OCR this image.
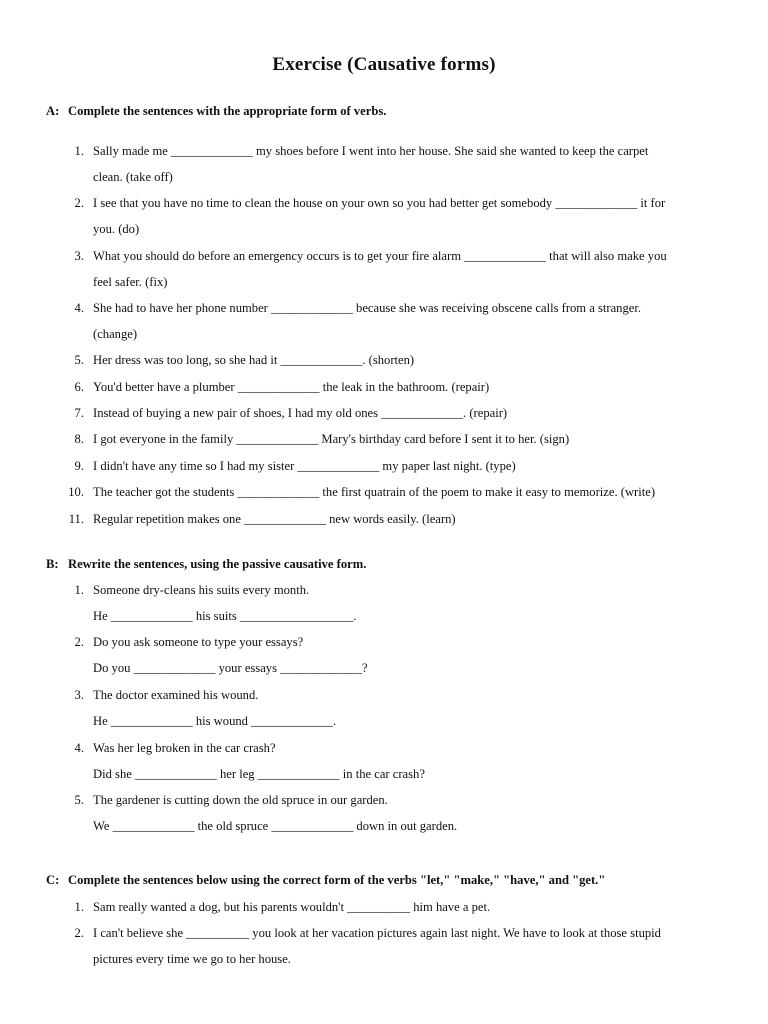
Exercise (Causative forms)
A: Complete the sentences with the appropriate form of verbs.
1. Sally made me _____________ my shoes before I went into her house. She said she wanted to keep the carpet
clean. (take off)
2. I see that you have no time to clean the house on your own so you had better get somebody _____________ it for
you. (do)
3. What you should do before an emergency occurs is to get your fire alarm _____________ that will also make you
feel safer. (fix)
4. She had to have her phone number _____________ because she was receiving obscene calls from a stranger.
(change)
5. Her dress was too long, so she had it _____________. (shorten)
6. You'd better have a plumber _____________ the leak in the bathroom. (repair)
7. Instead of buying a new pair of shoes, I had my old ones _____________. (repair)
8. I got everyone in the family _____________ Mary's birthday card before I sent it to her. (sign)
9. I didn't have any time so I had my sister _____________ my paper last night. (type)
10. The teacher got the students _____________ the first quatrain of the poem to make it easy to memorize. (write)
11. Regular repetition makes one _____________ new words easily. (learn)
B: Rewrite the sentences, using the passive causative form.
1. Someone dry-cleans his suits every month.
He _____________ his suits __________________.
2. Do you ask someone to type your essays?
Do you _____________ your essays _____________?
3. The doctor examined his wound.
He _____________ his wound _____________.
4. Was her leg broken in the car crash?
Did she _____________ her leg _____________ in the car crash?
5. The gardener is cutting down the old spruce in our garden.
We _____________ the old spruce _____________ down in out garden.
C: Complete the sentences below using the correct form of the verbs "let," "make," "have," and "get."
1. Sam really wanted a dog, but his parents wouldn't __________ him have a pet.
2. I can't believe she __________ you look at her vacation pictures again last night. We have to look at those stupid
pictures every time we go to her house.
